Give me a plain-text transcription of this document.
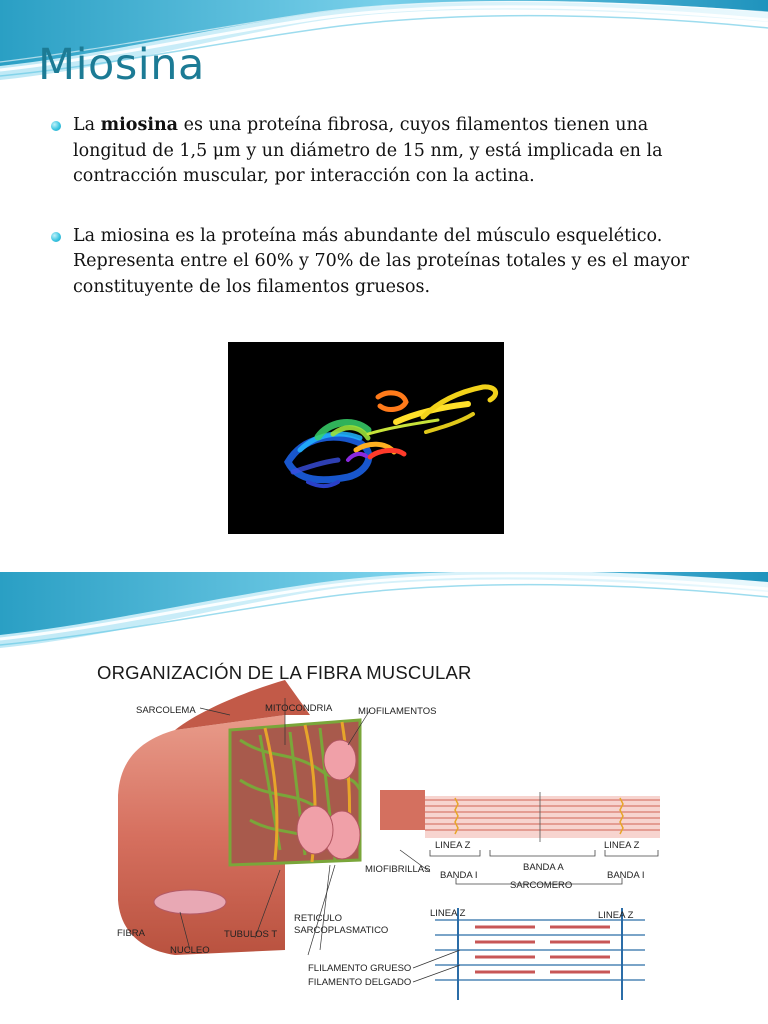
Miosina
La miosina es una proteína fibrosa, cuyos filamentos tienen una longitud de 1,5 μm y un diámetro de 15 nm, y está implicada en la contracción muscular, por interacción con la actina.
La miosina es la proteína más abundante del músculo esquelético. Representa entre el 60% y 70% de las proteínas totales y es el mayor constituyente de los filamentos gruesos.
ORGANIZACIÓN DE LA FIBRA MUSCULAR
SARCOLEMA	MITOCONDRIA	MIOFILAMENTOS
MIOFIBRILLAS
LINEA Z
BANDA A
LINEA Z
BANDA I	BANDA I
SARCOMERO
LINEA Z	LINEA Z
FIBRA
NUCLEO
TUBULOS T
RETICULO
SARCOPLASMATICO
FLILAMENTO GRUESO
FILAMENTO DELGADO
